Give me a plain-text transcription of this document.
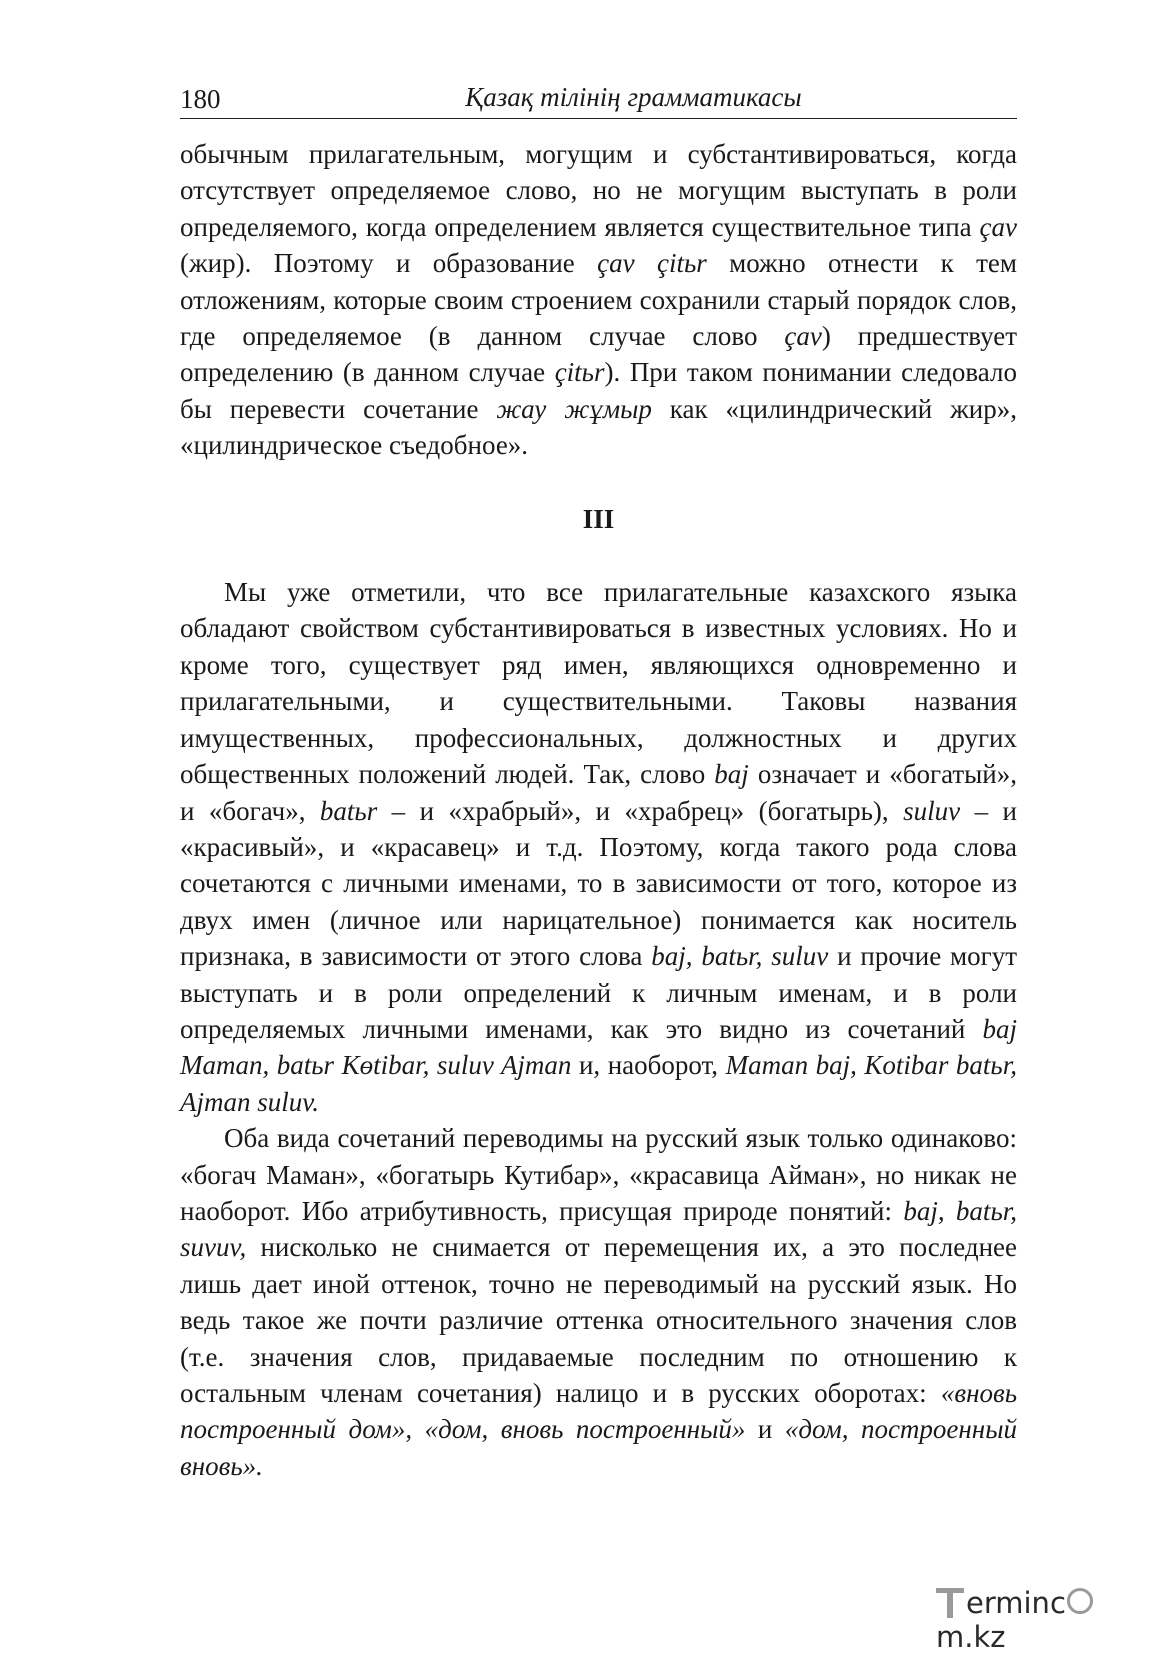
180	Қазақ тілінің грамматикасы

обычным прилагательным, могущим и субстантивироваться, когда отсутствует определяемое слово, но не могущим выступать в роли определяемого, когда определением является существительное типа çav (жир). Поэтому и образование çav çitьr можно отнести к тем отложениям, которые своим строением сохранили старый порядок слов, где определяемое (в данном случае слово çav) предшествует определению (в данном случае çitьr). При таком понимании следовало бы перевести сочетание жау жұмыр как «цилиндрический жир», «цилиндрическое съедобное».

III

Мы уже отметили, что все прилагательные казахского языка обладают свойством субстантивироваться в известных условиях. Но и кроме того, существует ряд имен, являющихся одновременно и прилагательными, и существительными. Таковы названия имущественных, профессиональных, должностных и других общественных положений людей. Так, слово baj означает и «богатый», и «богач», batьr – и «храбрый», и «храбрец» (богатырь), suluv – и «красивый», и «красавец» и т.д. Поэтому, когда такого рода слова сочетаются с личными именами, то в зависимости от того, которое из двух имен (личное или нарицательное) понимается как носитель признака, в зависимости от этого слова baj, batьr, suluv и прочие могут выступать и в роли определений к личным именам, и в роли определяемых личными именами, как это видно из сочетаний baj Maman, batьr Kөtibar, suluv Ajman и, наоборот, Maman baj, Kotibar batьr, Ajman suluv.

Оба вида сочетаний переводимы на русский язык только одинаково: «богач Маман», «богатырь Кутибар», «красавица Айман», но никак не наоборот. Ибо атрибутивность, присущая природе понятий: baj, batьr, suvuv, нисколько не снимается от перемещения их, а это последнее лишь дает иной оттенок, точно не переводимый на русский язык. Но ведь такое же почти различие оттенка относительного значения слов (т.е. значения слов, придаваемые последним по отношению к остальным членам сочетания) налицо и в русских оборотах: «вновь построенный дом», «дом, вновь построенный» и «дом, построенный вновь».

ermincm.kz
